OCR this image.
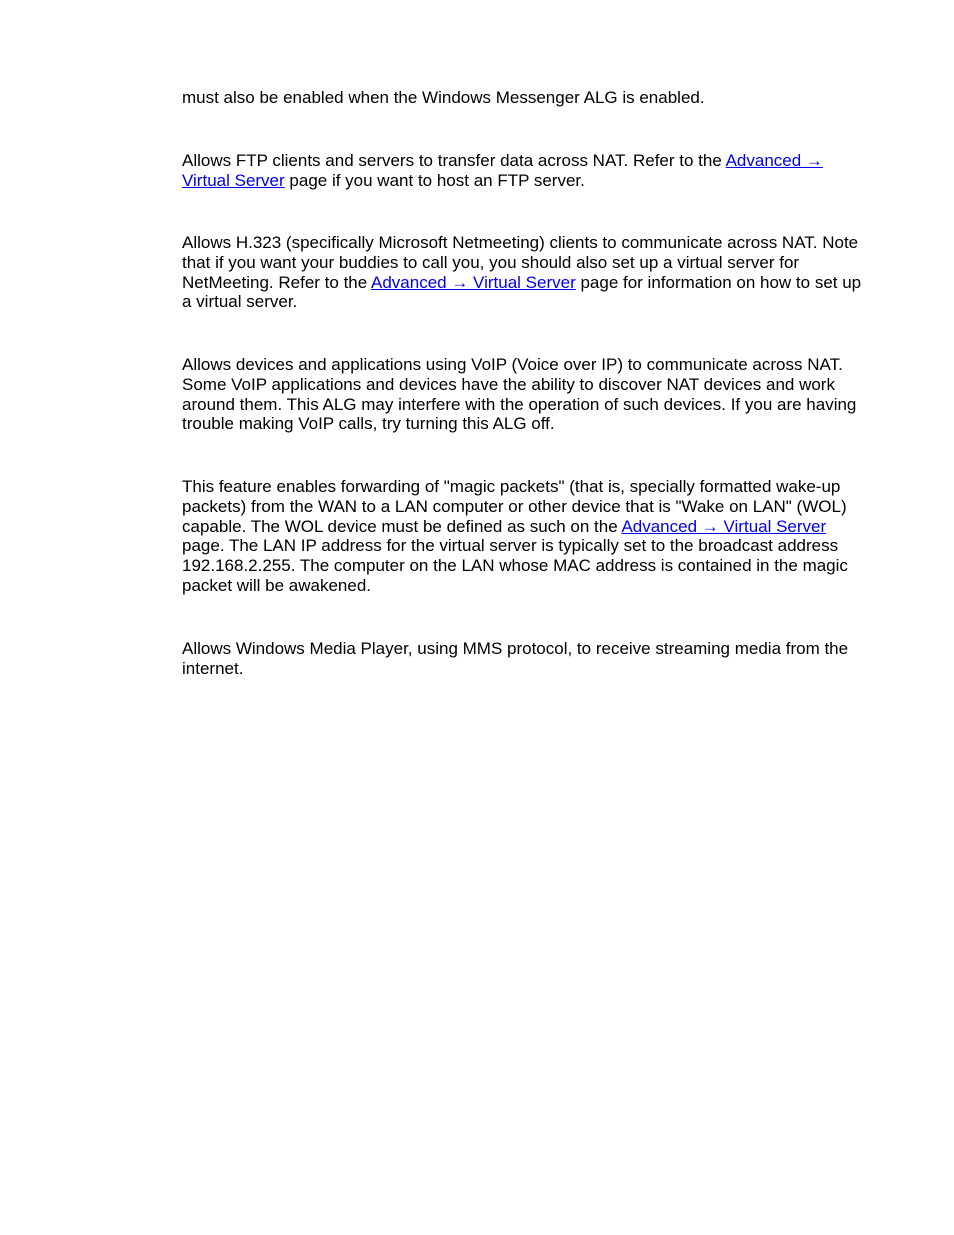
must also be enabled when the Windows Messenger ALG is enabled.

Allows FTP clients and servers to transfer data across NAT. Refer to the Advanced → Virtual Server page if you want to host an FTP server.

Allows H.323 (specifically Microsoft Netmeeting) clients to communicate across NAT. Note that if you want your buddies to call you, you should also set up a virtual server for NetMeeting. Refer to the Advanced → Virtual Server page for information on how to set up a virtual server.

Allows devices and applications using VoIP (Voice over IP) to communicate across NAT. Some VoIP applications and devices have the ability to discover NAT devices and work around them. This ALG may interfere with the operation of such devices. If you are having trouble making VoIP calls, try turning this ALG off.

This feature enables forwarding of "magic packets" (that is, specially formatted wake-up packets) from the WAN to a LAN computer or other device that is "Wake on LAN" (WOL) capable. The WOL device must be defined as such on the Advanced → Virtual Server page. The LAN IP address for the virtual server is typically set to the broadcast address 192.168.2.255. The computer on the LAN whose MAC address is contained in the magic packet will be awakened.

Allows Windows Media Player, using MMS protocol, to receive streaming media from the internet.
